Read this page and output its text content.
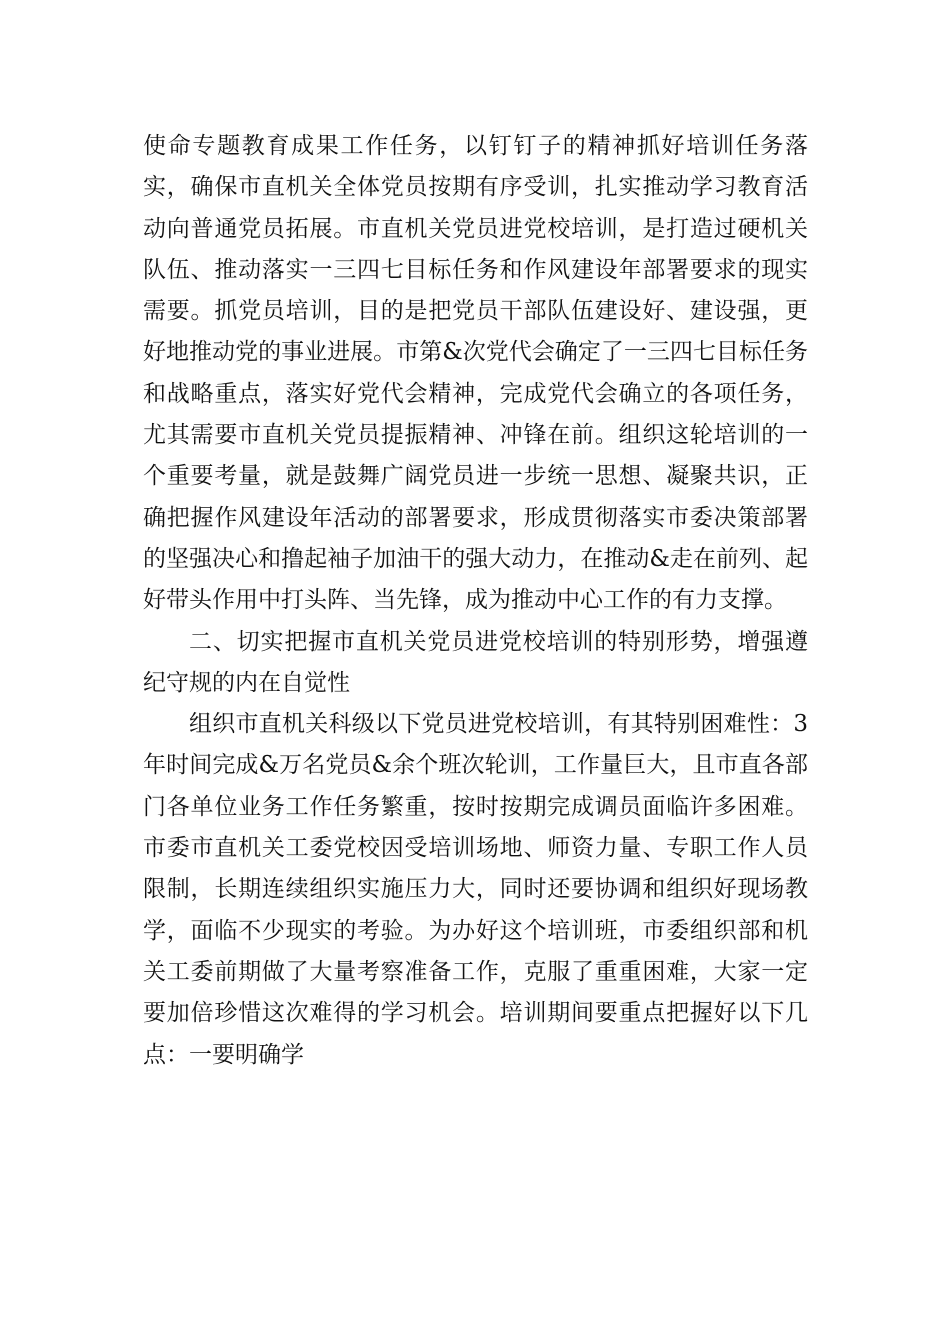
使命专题教育成果工作任务，以钉钉子的精神抓好培训任务落实，确保市直机关全体党员按期有序受训，扎实推动学习教育活动向普通党员拓展。市直机关党员进党校培训，是打造过硬机关队伍、推动落实一三四七目标任务和作风建设年部署要求的现实需要。抓党员培训，目的是把党员干部队伍建设好、建设强，更好地推动党的事业进展。市第&次党代会确定了一三四七目标任务和战略重点，落实好党代会精神，完成党代会确立的各项任务，尤其需要市直机关党员提振精神、冲锋在前。组织这轮培训的一个重要考量，就是鼓舞广阔党员进一步统一思想、凝聚共识，正确把握作风建设年活动的部署要求，形成贯彻落实市委决策部署的坚强决心和撸起袖子加油干的强大动力，在推动&走在前列、起好带头作用中打头阵、当先锋，成为推动中心工作的有力支撑。

二、切实把握市直机关党员进党校培训的特别形势，增强遵纪守规的内在自觉性

组织市直机关科级以下党员进党校培训，有其特别困难性：3年时间完成&万名党员&余个班次轮训，工作量巨大，且市直各部门各单位业务工作任务繁重，按时按期完成调员面临许多困难。市委市直机关工委党校因受培训场地、师资力量、专职工作人员限制，长期连续组织实施压力大，同时还要协调和组织好现场教学，面临不少现实的考验。为办好这个培训班，市委组织部和机关工委前期做了大量考察准备工作，克服了重重困难，大家一定要加倍珍惜这次难得的学习机会。培训期间要重点把握好以下几点：一要明确学
